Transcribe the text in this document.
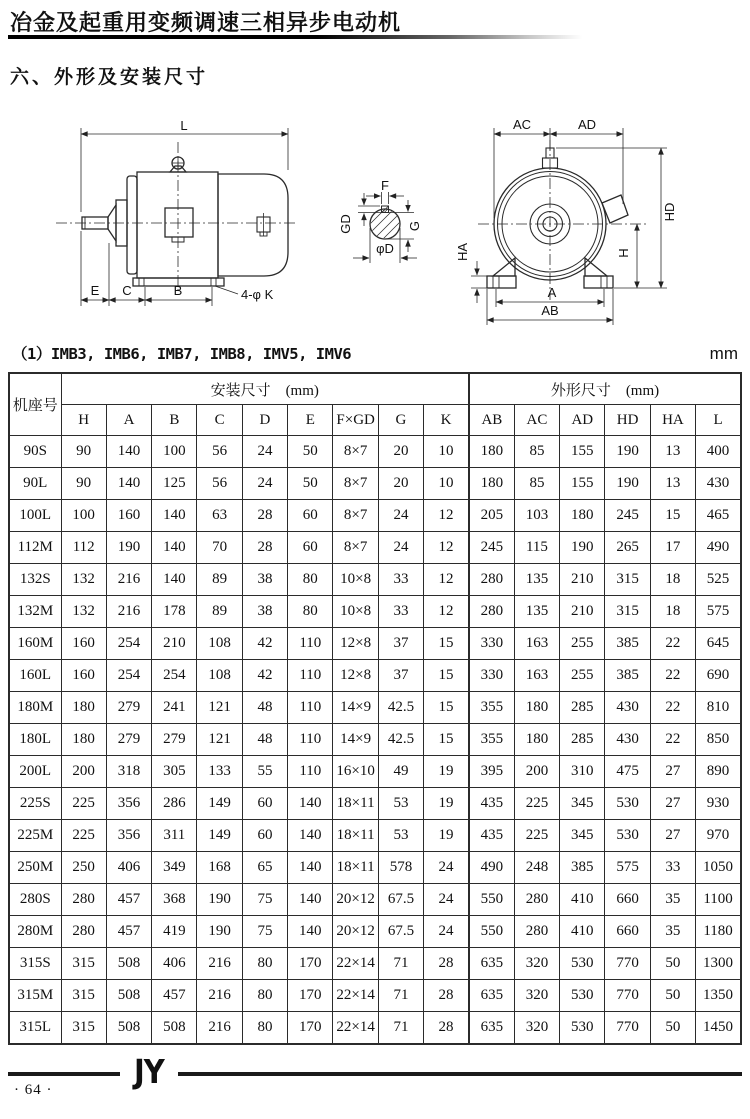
冶金及起重用变频调速三相异步电动机
六、外形及安装尺寸
L
E C	B	4-φ K
F
GD	G
φD
AC	AD
HD
H
HA
A
AB
（1）IMB3, IMB6, IMB7, IMB8, IMV5, IMV6	mm
机座号	安装尺寸　(mm)									外形尺寸　(mm)					
	H	A	B	C	D	E	F×GD	G	K	AB	AC	AD	HD	HA	L
90S	90	140	100	56	24	50	8×7	20	10	180	85	155	190	13	400
90L	90	140	125	56	24	50	8×7	20	10	180	85	155	190	13	430
100L	100	160	140	63	28	60	8×7	24	12	205	103	180	245	15	465
112M	112	190	140	70	28	60	8×7	24	12	245	115	190	265	17	490
132S	132	216	140	89	38	80	10×8	33	12	280	135	210	315	18	525
132M	132	216	178	89	38	80	10×8	33	12	280	135	210	315	18	575
160M	160	254	210	108	42	110	12×8	37	15	330	163	255	385	22	645
160L	160	254	254	108	42	110	12×8	37	15	330	163	255	385	22	690
180M	180	279	241	121	48	110	14×9	42.5	15	355	180	285	430	22	810
180L	180	279	279	121	48	110	14×9	42.5	15	355	180	285	430	22	850
200L	200	318	305	133	55	110	16×10	49	19	395	200	310	475	27	890
225S	225	356	286	149	60	140	18×11	53	19	435	225	345	530	27	930
225M	225	356	311	149	60	140	18×11	53	19	435	225	345	530	27	970
250M	250	406	349	168	65	140	18×11	578	24	490	248	385	575	33	1050
280S	280	457	368	190	75	140	20×12	67.5	24	550	280	410	660	35	1100
280M	280	457	419	190	75	140	20×12	67.5	24	550	280	410	660	35	1180
315S	315	508	406	216	80	170	22×14	71	28	635	320	530	770	50	1300
315M	315	508	457	216	80	170	22×14	71	28	635	320	530	770	50	1350
315L	315	508	508	216	80	170	22×14	71	28	635	320	530	770	50	1450
JY
· 64 ·
